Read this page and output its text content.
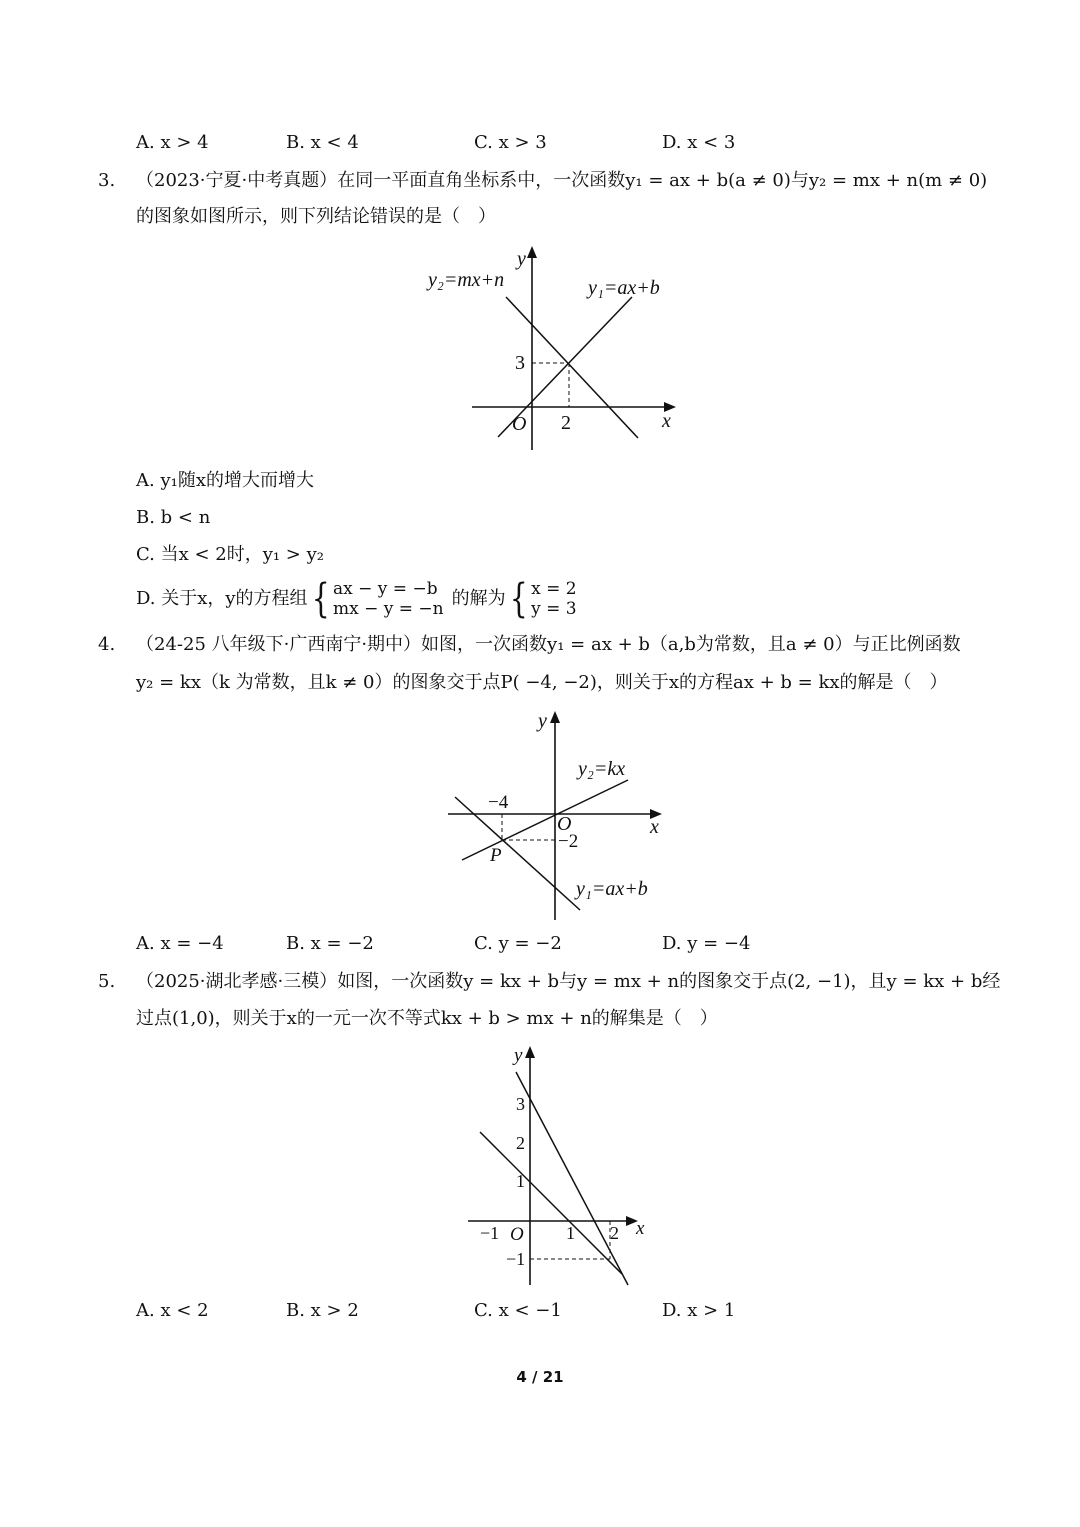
A. x > 4	B. x < 4	C. x > 3	D. x < 3
3. （2023·宁夏·中考真题）在同一平面直角坐标系中，一次函数y₁ = ax + b(a ≠ 0)与y₂ = mx + n(m ≠ 0)
的图象如图所示，则下列结论错误的是（　）
y
x
O
y₂=mx+n	y₁=ax+b
3
2
A. y₁随x的增大而增大
B. b < n
C. 当x < 2时，y₁ > y₂
D. 关于x，y的方程组{ ax − y = −b
mx − y = −n 的解为{ x = 2
y = 3
4. （24-25 八年级下·广西南宁·期中）如图，一次函数y₁ = ax + b（a,b为常数，且a ≠ 0）与正比例函数
y₂ = kx（k 为常数，且k ≠ 0）的图象交于点P( −4, −2)，则关于x的方程ax + b = kx的解是（　）
y
x
O
y₂=kx
y₁=ax+b
−4
−2
P
A. x = −4	B. x = −2	C. y = −2	D. y = −4
5. （2025·湖北孝感·三模）如图，一次函数y = kx + b与y = mx + n的图象交于点(2, −1)，且y = kx + b经
过点(1,0)，则关于x的一元一次不等式kx + b > mx + n的解集是（　）
y
x
O
3
2
1
−1
−1	1 2
A. x < 2	B. x > 2	C. x < −1	D. x > 1
4 / 21
